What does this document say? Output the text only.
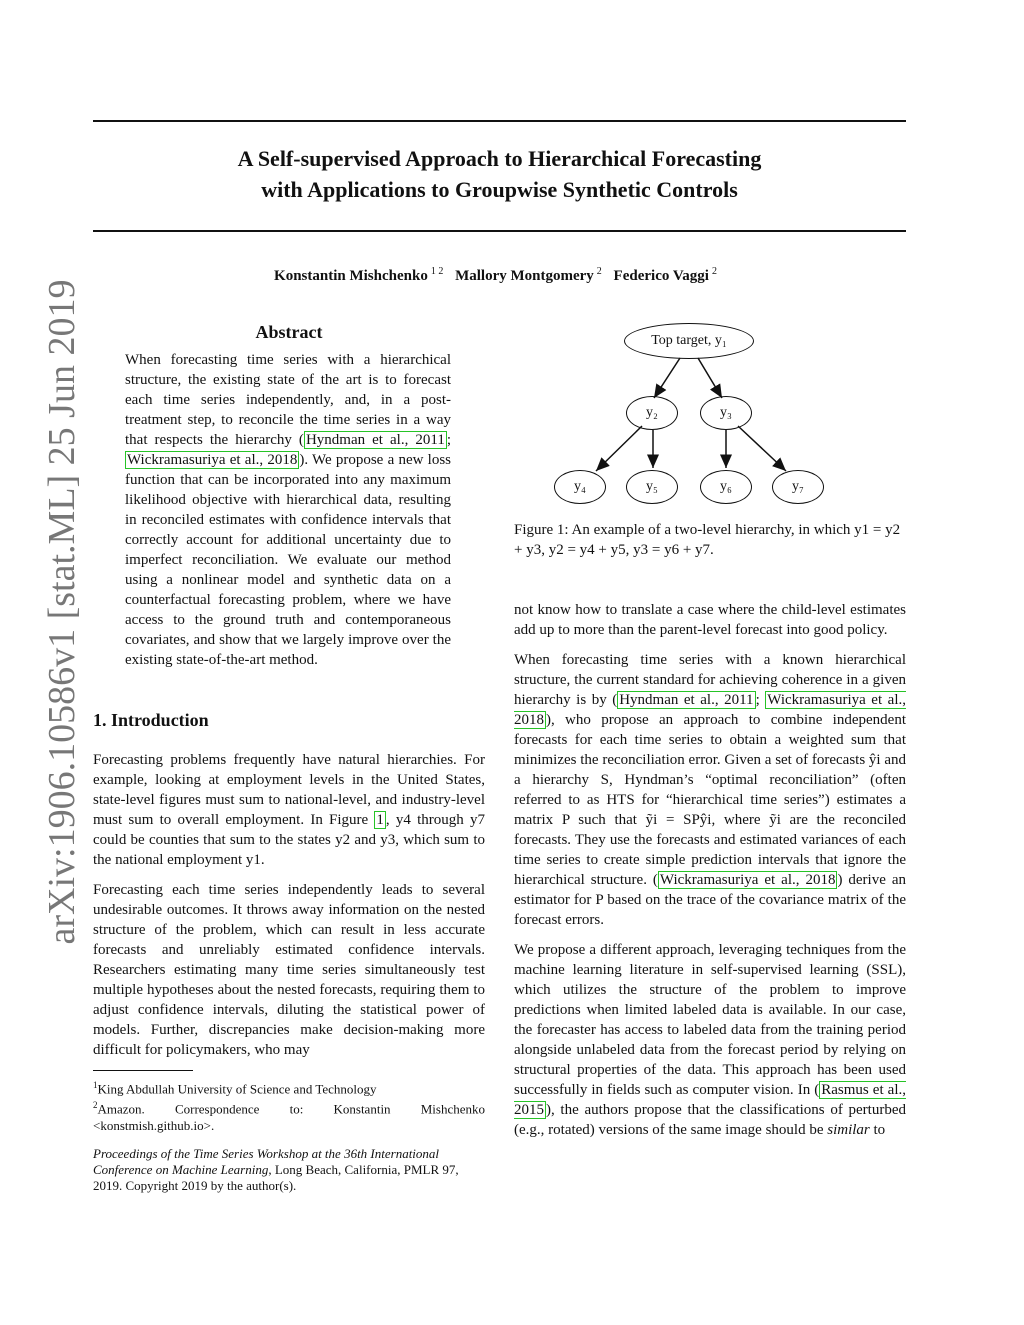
A Self-supervised Approach to Hierarchical Forecasting
with Applications to Groupwise Synthetic Controls
Konstantin Mishchenko $^{1 2}$ Mallory Montgomery $^2$ Federico Vaggi $^2$
arXiv:1906.10586v1 [stat.ML] 25 Jun 2019	Abstract

When forecasting time series with a hierarchical structure, the existing state of the art is to forecast each time series independently, and, in a post-treatment step, to reconcile the time series in a way that respects the hierarchy ( Hyndman et al., 2011 ; Wickramasuriya et al., 2018 ). We propose a new loss function that can be incorporated into any maximum likelihood objective with hierarchical data, resulting in reconciled estimates with confidence intervals that correctly account for additional uncertainty due to imperfect reconciliation. We evaluate our method using a nonlinear model and synthetic data on a counterfactual forecasting problem, where we have access to the ground truth and contemporaneous covariates, and show that we largely improve over the existing state-of-the-art method.

1. Introduction

Forecasting problems frequently have natural hierarchies. For example, looking at employment levels in the United States, state-level figures must sum to national-level, and industry-level must sum to overall employment. In Figure 1 , y4 through y7 could be counties that sum to the states y2 and y3, which sum to the national employment y1.

Forecasting each time series independently leads to several undesirable outcomes. It throws away information on the nested structure of the problem, which can result in less accurate forecasts and unreliably estimated confidence intervals. Researchers estimating many time series simultaneously test multiple hypotheses about the nested forecasts, requiring them to adjust confidence intervals, diluting the statistical power of models. Further, discrepancies make decision-making more difficult for policymakers, who may

$^1$King Abdullah University of Science and Technology

$^2$Amazon. Correspondence to: Konstantin Mishchenko <konstmish.github.io>.

Proceedings of the Time Series Workshop at the 36th International Conference on Machine Learning, Long Beach, California, PMLR 97, 2019. Copyright 2019 by the author(s).

Top target, y₁
y₂	y₃
y₄	y₅	y₆	y₇
Figure 1: An example of a two-level hierarchy, in which y1 = y2 + y3, y2 = y4 + y5, y3 = y6 + y7.

not know how to translate a case where the child-level estimates add up to more than the parent-level forecast into good policy.

When forecasting time series with a known hierarchical structure, the current standard for achieving coherence in a given hierarchy is by ( Hyndman et al., 2011 ; Wickramasuriya et al., 2018 ), who propose an approach to combine independent forecasts for each time series to obtain a weighted sum that minimizes the reconciliation error. Given a set of forecasts ŷi and a hierarchy S, Hyndman’s “optimal reconciliation” (often referred to as HTS for “hierarchical time series”) estimates a matrix P such that ỹi = SPŷi, where ỹi are the reconciled forecasts. They use the forecasts and estimated variances of each time series to create simple prediction intervals that ignore the hierarchical structure. ( Wickramasuriya et al., 2018 ) derive an estimator for P based on the trace of the covariance matrix of the forecast errors.

We propose a different approach, leveraging techniques from the machine learning literature in self-supervised learning (SSL), which utilizes the structure of the problem to improve predictions when limited labeled data is available. In our case, the forecaster has access to labeled data from the training period alongside unlabeled data from the forecast period by relying on structural properties of the data. This approach has been used successfully in fields such as computer vision. In ( Rasmus et al., 2015 ), the authors propose that the classifications of perturbed (e.g., rotated) versions of the same image should be similar to
